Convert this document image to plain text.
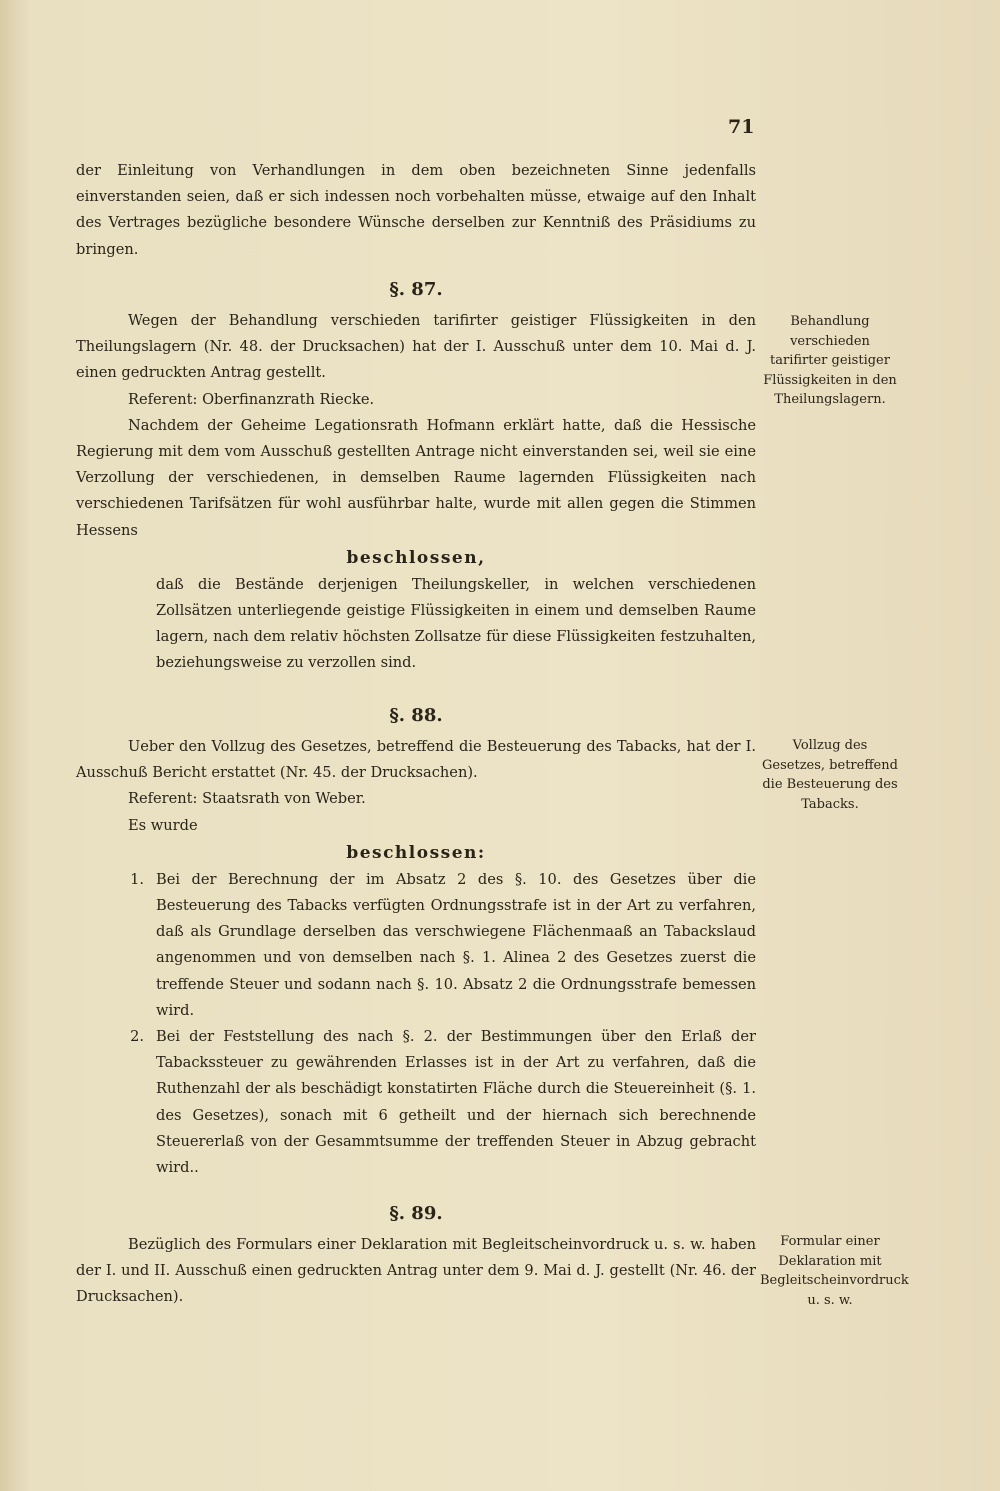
71

der Einleitung von Verhandlungen in dem oben bezeichneten Sinne jedenfalls einverstanden seien, daß er sich indessen noch vorbehalten müsse, etwaige auf den Inhalt des Vertrages bezügliche besondere Wünsche derselben zur Kenntniß des Präsidiums zu bringen.

§. 87.

Wegen der Behandlung verschieden tarifirter geistiger Flüssigkeiten in den Theilungslagern (Nr. 48. der Drucksachen) hat der I. Ausschuß unter dem 10. Mai d. J. einen gedruckten Antrag gestellt.

Referent: Oberfinanzrath Riecke.

Nachdem der Geheime Legationsrath Hofmann erklärt hatte, daß die Hessische Regierung mit dem vom Ausschuß gestellten Antrage nicht einverstanden sei, weil sie eine Verzollung der verschiedenen, in demselben Raume lagernden Flüssigkeiten nach verschiedenen Tarifsätzen für wohl ausführbar halte, wurde mit allen gegen die Stimmen Hessens

beschlossen,

daß die Bestände derjenigen Theilungskeller, in welchen verschiedenen Zollsätzen unterliegende geistige Flüssigkeiten in einem und demselben Raume lagern, nach dem relativ höchsten Zollsatze für diese Flüssigkeiten festzuhalten, beziehungsweise zu verzollen sind.

Behandlung verschieden tarifirter geistiger Flüssigkeiten in den Theilungslagern.

§. 88.

Ueber den Vollzug des Gesetzes, betreffend die Besteuerung des Tabacks, hat der I. Ausschuß Bericht erstattet (Nr. 45. der Drucksachen).

Referent: Staatsrath von Weber.

Es wurde

beschlossen:

1. Bei der Berechnung der im Absatz 2 des §. 10. des Gesetzes über die Besteuerung des Tabacks verfügten Ordnungsstrafe ist in der Art zu verfahren, daß als Grundlage derselben das verschwiegene Flächenmaaß an Tabackslaud angenommen und von demselben nach §. 1. Alinea 2 des Gesetzes zuerst die treffende Steuer und sodann nach §. 10. Absatz 2 die Ordnungsstrafe bemessen wird.
2. Bei der Feststellung des nach §. 2. der Bestimmungen über den Erlaß der Tabackssteuer zu gewährenden Erlasses ist in der Art zu verfahren, daß die Ruthenzahl der als beschädigt konstatirten Fläche durch die Steuereinheit (§. 1. des Gesetzes), sonach mit 6 getheilt und der hiernach sich berechnende Steuererlaß von der Gesammtsumme der treffenden Steuer in Abzug gebracht wird..

Vollzug des Gesetzes, betreffend die Besteuerung des Tabacks.

§. 89.

Bezüglich des Formulars einer Deklaration mit Begleitscheinvordruck u. s. w. haben der I. und II. Ausschuß einen gedruckten Antrag unter dem 9. Mai d. J. gestellt (Nr. 46. der Drucksachen).

Formular einer Deklaration mit Begleitscheinvordruck u. s. w.
